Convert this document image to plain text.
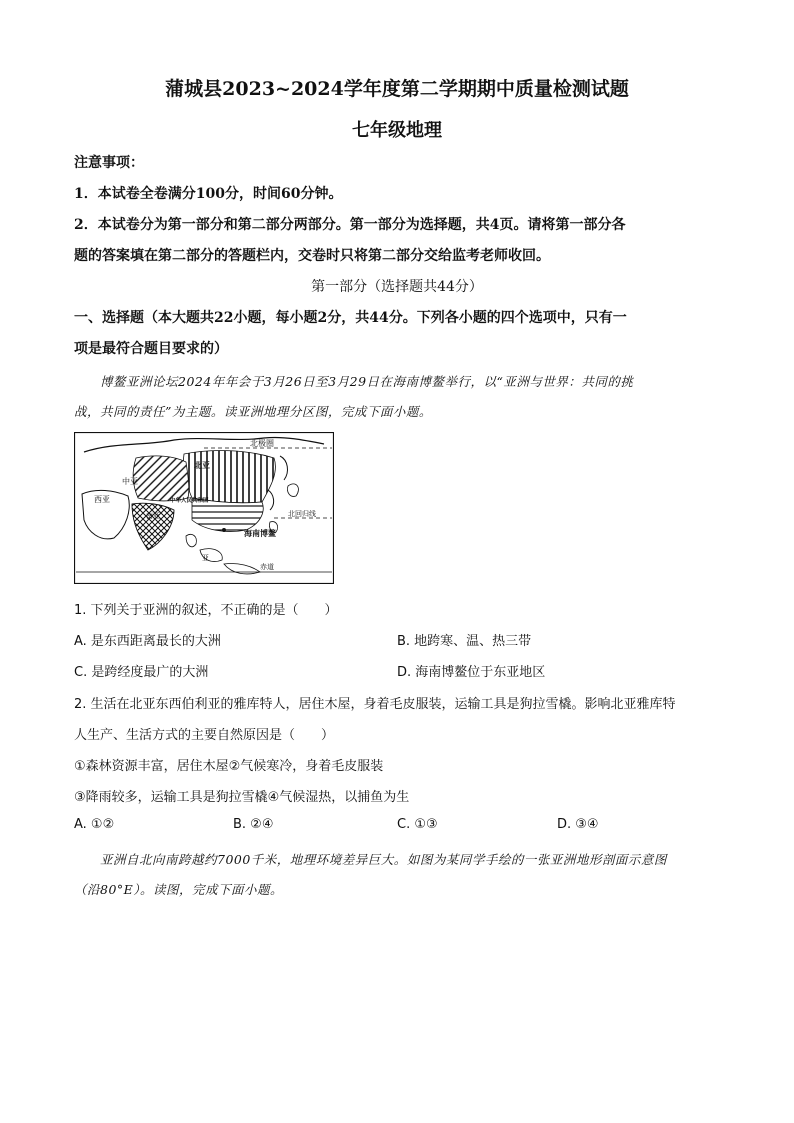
蒲城县2023~2024学年度第二学期期中质量检测试题
七年级地理
注意事项：
1．本试卷全卷满分100分，时间60分钟。
2．本试卷分为第一部分和第二部分两部分。第一部分为选择题，共4页。请将第一部分各
题的答案填在第二部分的答题栏内，交卷时只将第二部分交给监考老师收回。
第一部分（选择题共44分）
一、选择题（本大题共22小题，每小题2分，共44分。下列各小题的四个选项中，只有一
项是最符合题目要求的）
博鳌亚洲论坛2024年年会于3月26日至3月29日在海南博鳌举行，以“亚洲与世界：共同的挑
战，共同的责任”为主题。读亚洲地理分区图，完成下面小题。
北极圈
北亚
中亚
西亚	中华人民共和国
南亚	北回归线
海南博鳌
亚
赤道
1. 下列关于亚洲的叙述，不正确的是（　　）
A. 是东西距离最长的大洲	B. 地跨寒、温、热三带
C. 是跨经度最广的大洲	D. 海南博鳌位于东亚地区
2. 生活在北亚东西伯利亚的雅库特人，居住木屋，身着毛皮服装，运输工具是狗拉雪橇。影响北亚雅库特
人生产、生活方式的主要自然原因是（　　）
①森林资源丰富，居住木屋②气候寒冷，身着毛皮服装
③降雨较多，运输工具是狗拉雪橇④气候湿热，以捕鱼为生
A. ①②	B. ②④	C. ①③	D. ③④
亚洲自北向南跨越约7000千米，地理环境差异巨大。如图为某同学手绘的一张亚洲地形剖面示意图
（沿80°E）。读图，完成下面小题。
